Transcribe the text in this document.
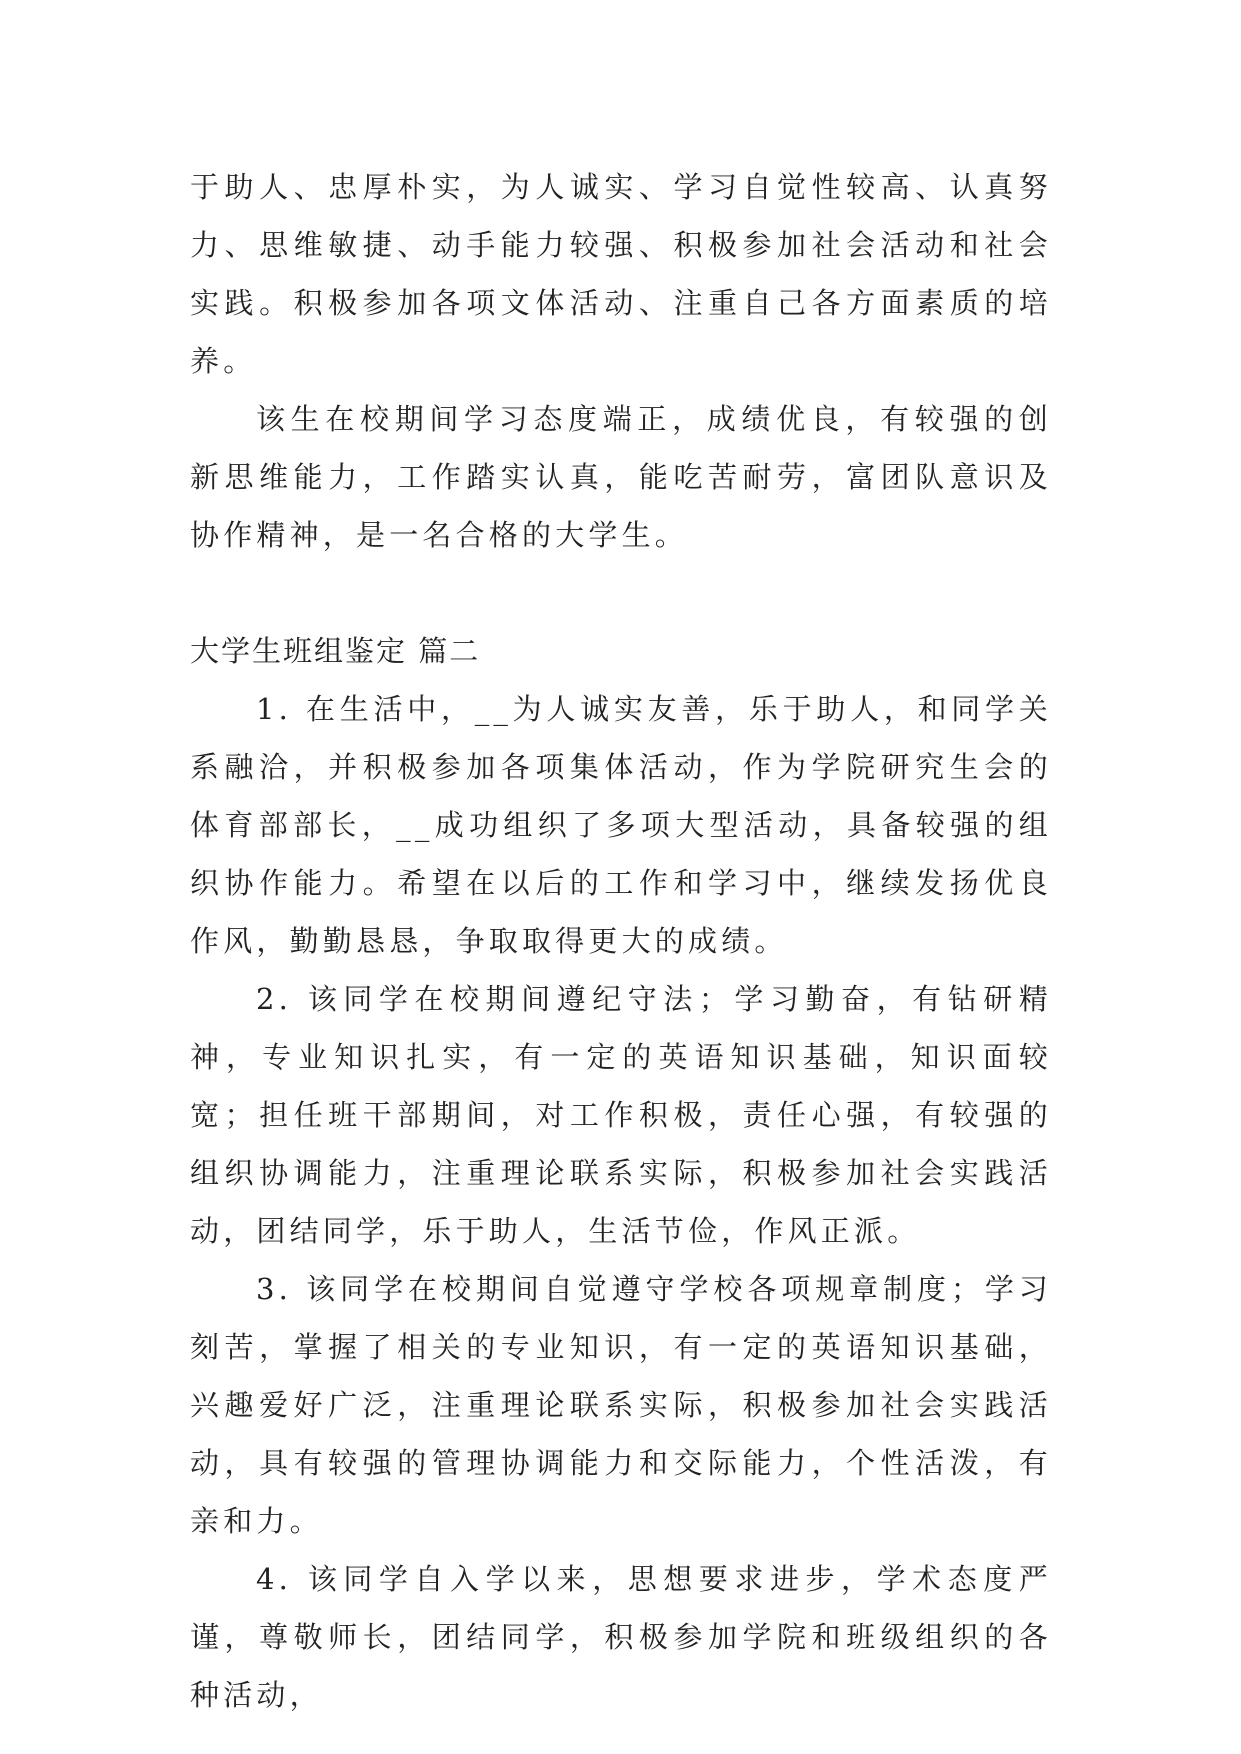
于助人、忠厚朴实，为人诚实、学习自觉性较高、认真努力、思维敏捷、动手能力较强、积极参加社会活动和社会实践。积极参加各项文体活动、注重自己各方面素质的培养。

该生在校期间学习态度端正，成绩优良，有较强的创新思维能力，工作踏实认真，能吃苦耐劳，富团队意识及协作精神，是一名合格的大学生。

大学生班组鉴定 篇二

1. 在生活中，__为人诚实友善，乐于助人，和同学关系融洽，并积极参加各项集体活动，作为学院研究生会的体育部部长，__成功组织了多项大型活动，具备较强的组织协作能力。希望在以后的工作和学习中，继续发扬优良作风，勤勤恳恳，争取取得更大的成绩。

2. 该同学在校期间遵纪守法；学习勤奋，有钻研精神，专业知识扎实，有一定的英语知识基础，知识面较宽；担任班干部期间，对工作积极，责任心强，有较强的组织协调能力，注重理论联系实际，积极参加社会实践活动，团结同学，乐于助人，生活节俭，作风正派。

3. 该同学在校期间自觉遵守学校各项规章制度；学习刻苦，掌握了相关的专业知识，有一定的英语知识基础，兴趣爱好广泛，注重理论联系实际，积极参加社会实践活动，具有较强的管理协调能力和交际能力，个性活泼，有亲和力。

4. 该同学自入学以来，思想要求进步，学术态度严谨，尊敬师长，团结同学，积极参加学院和班级组织的各种活动，
